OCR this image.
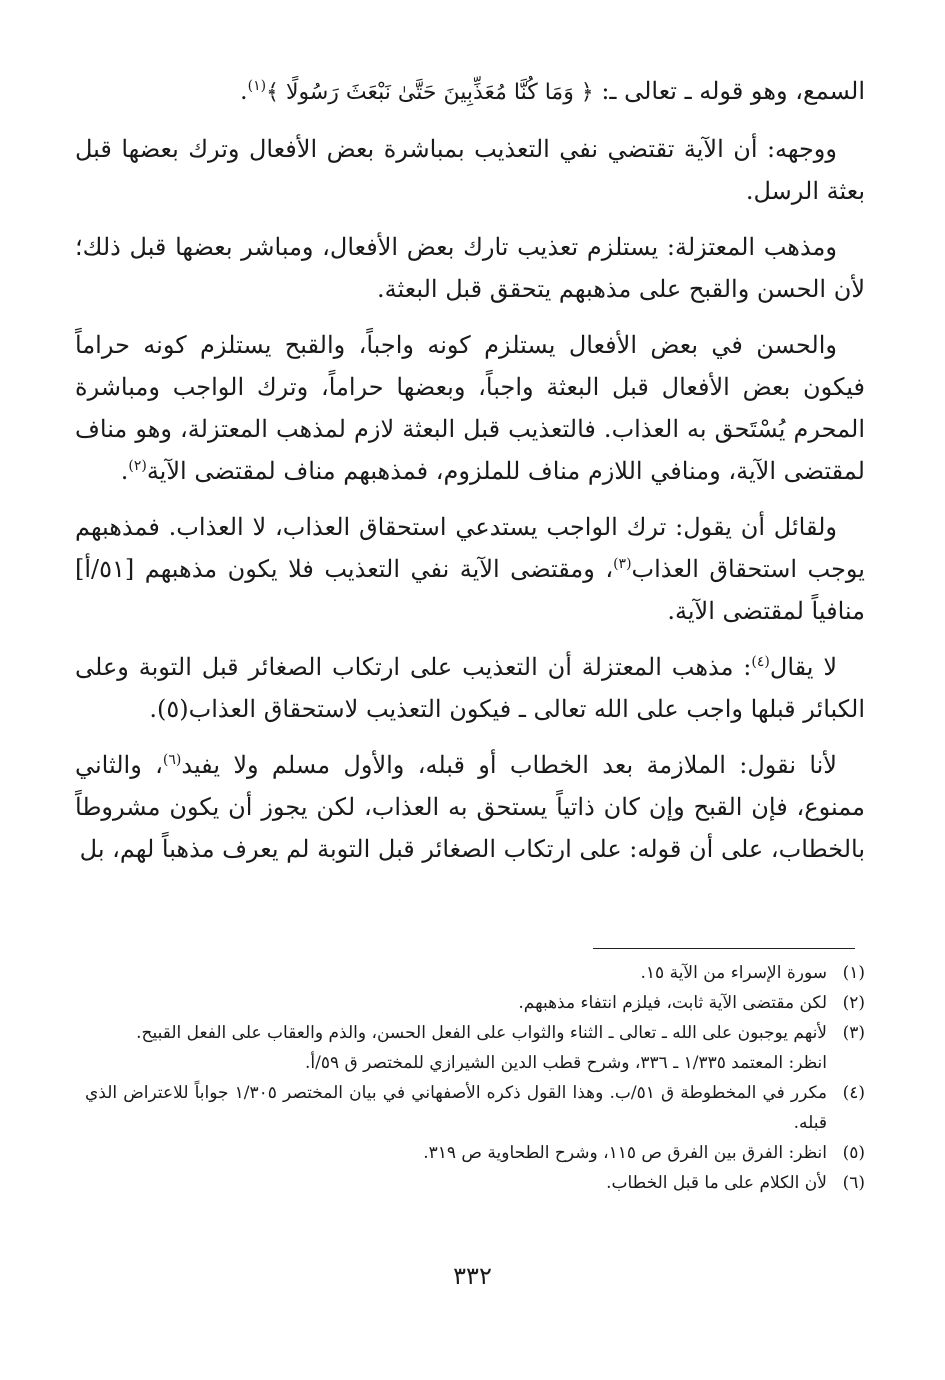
السمع، وهو قوله ـ تعالى ـ: ﴿ وَمَا كُنَّا مُعَذِّبِينَ حَتَّىٰ نَبْعَثَ رَسُولًا ﴾$^{(١)}$.

ووجهه: أن الآية تقتضي نفي التعذيب بمباشرة بعض الأفعال وترك بعضها قبل بعثة الرسل.

ومذهب المعتزلة: يستلزم تعذيب تارك بعض الأفعال، ومباشر بعضها قبل ذلك؛ لأن الحسن والقبح على مذهبهم يتحقق قبل البعثة.

والحسن في بعض الأفعال يستلزم كونه واجباً، والقبح يستلزم كونه حراماً فيكون بعض الأفعال قبل البعثة واجباً، وبعضها حراماً، وترك الواجب ومباشرة المحرم يُسْتَحق به العذاب. فالتعذيب قبل البعثة لازم لمذهب المعتزلة، وهو مناف لمقتضى الآية، ومنافي اللازم مناف للملزوم، فمذهبهم مناف لمقتضى الآية$^{(٢)}$.

ولقائل أن يقول: ترك الواجب يستدعي استحقاق العذاب، لا العذاب. فمذهبهم يوجب استحقاق العذاب$^{(٣)}$، ومقتضى الآية نفي التعذيب فلا يكون مذهبهم [٥١/أ] منافياً لمقتضى الآية.

لا يقال$^{(٤)}$: مذهب المعتزلة أن التعذيب على ارتكاب الصغائر قبل التوبة وعلى الكبائر قبلها واجب على الله تعالى ـ فيكون التعذيب لاستحقاق العذاب(٥).

لأنا نقول: الملازمة بعد الخطاب أو قبله، والأول مسلم ولا يفيد$^{(٦)}$، والثاني ممنوع، فإن القبح وإن كان ذاتياً يستحق به العذاب، لكن يجوز أن يكون مشروطاً بالخطاب، على أن قوله: على ارتكاب الصغائر قبل التوبة لم يعرف مذهباً لهم، بل

(١)
سورة الإسراء من الآية ١٥.
(٢)
لكن مقتضى الآية ثابت، فيلزم انتفاء مذهبهم.
(٣)
لأنهم يوجبون على الله ـ تعالى ـ الثناء والثواب على الفعل الحسن، والذم والعقاب على الفعل القبيح.
انظر: المعتمد ١/٣٣٥ ـ ٣٣٦، وشرح قطب الدين الشيرازي للمختصر ق ٥٩/أ.
(٤)
مكرر في المخطوطة ق ٥١/ب. وهذا القول ذكره الأصفهاني في بيان المختصر ١/٣٠٥ جواباً للاعتراض الذي قبله.
(٥)
انظر: الفرق بين الفرق ص ١١٥، وشرح الطحاوية ص ٣١٩.
(٦)
لأن الكلام على ما قبل الخطاب.
٣٣٢
